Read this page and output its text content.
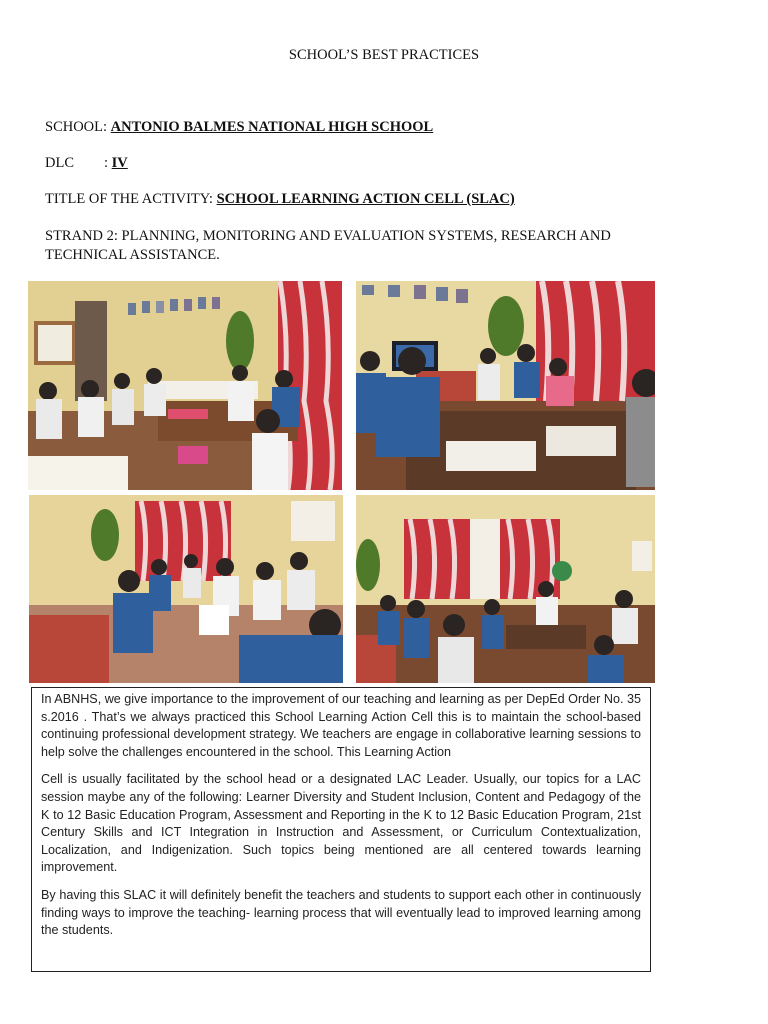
SCHOOL’S BEST PRACTICES
SCHOOL: ANTONIO BALMES NATIONAL HIGH SCHOOL
DLC : IV
TITLE OF THE ACTIVITY: SCHOOL LEARNING ACTION CELL (SLAC)
STRAND 2: PLANNING, MONITORING AND EVALUATION SYSTEMS, RESEARCH AND TECHNICAL ASSISTANCE.

In ABNHS, we give importance to the improvement of our teaching and learning as per DepEd Order No. 35 s.2016 . That’s we always practiced this School Learning Action Cell this is to maintain the school-based continuing professional development strategy. We teachers are engage in collaborative learning sessions to help solve the challenges encountered in the school. This Learning Action

Cell is usually facilitated by the school head or a designated LAC Leader. Usually, our topics for a LAC session maybe any of the following: Learner Diversity and Student Inclusion, Content and Pedagogy of the K to 12 Basic Education Program, Assessment and Reporting in the K to 12 Basic Education Program, 21st Century Skills and ICT Integration in Instruction and Assessment, or Curriculum Contextualization, Localization, and Indigenization. Such topics being mentioned are all centered towards learning improvement.

By having this SLAC it will definitely benefit the teachers and students to support each other in continuously finding ways to improve the teaching- learning process that will eventually lead to improved learning among the students.
